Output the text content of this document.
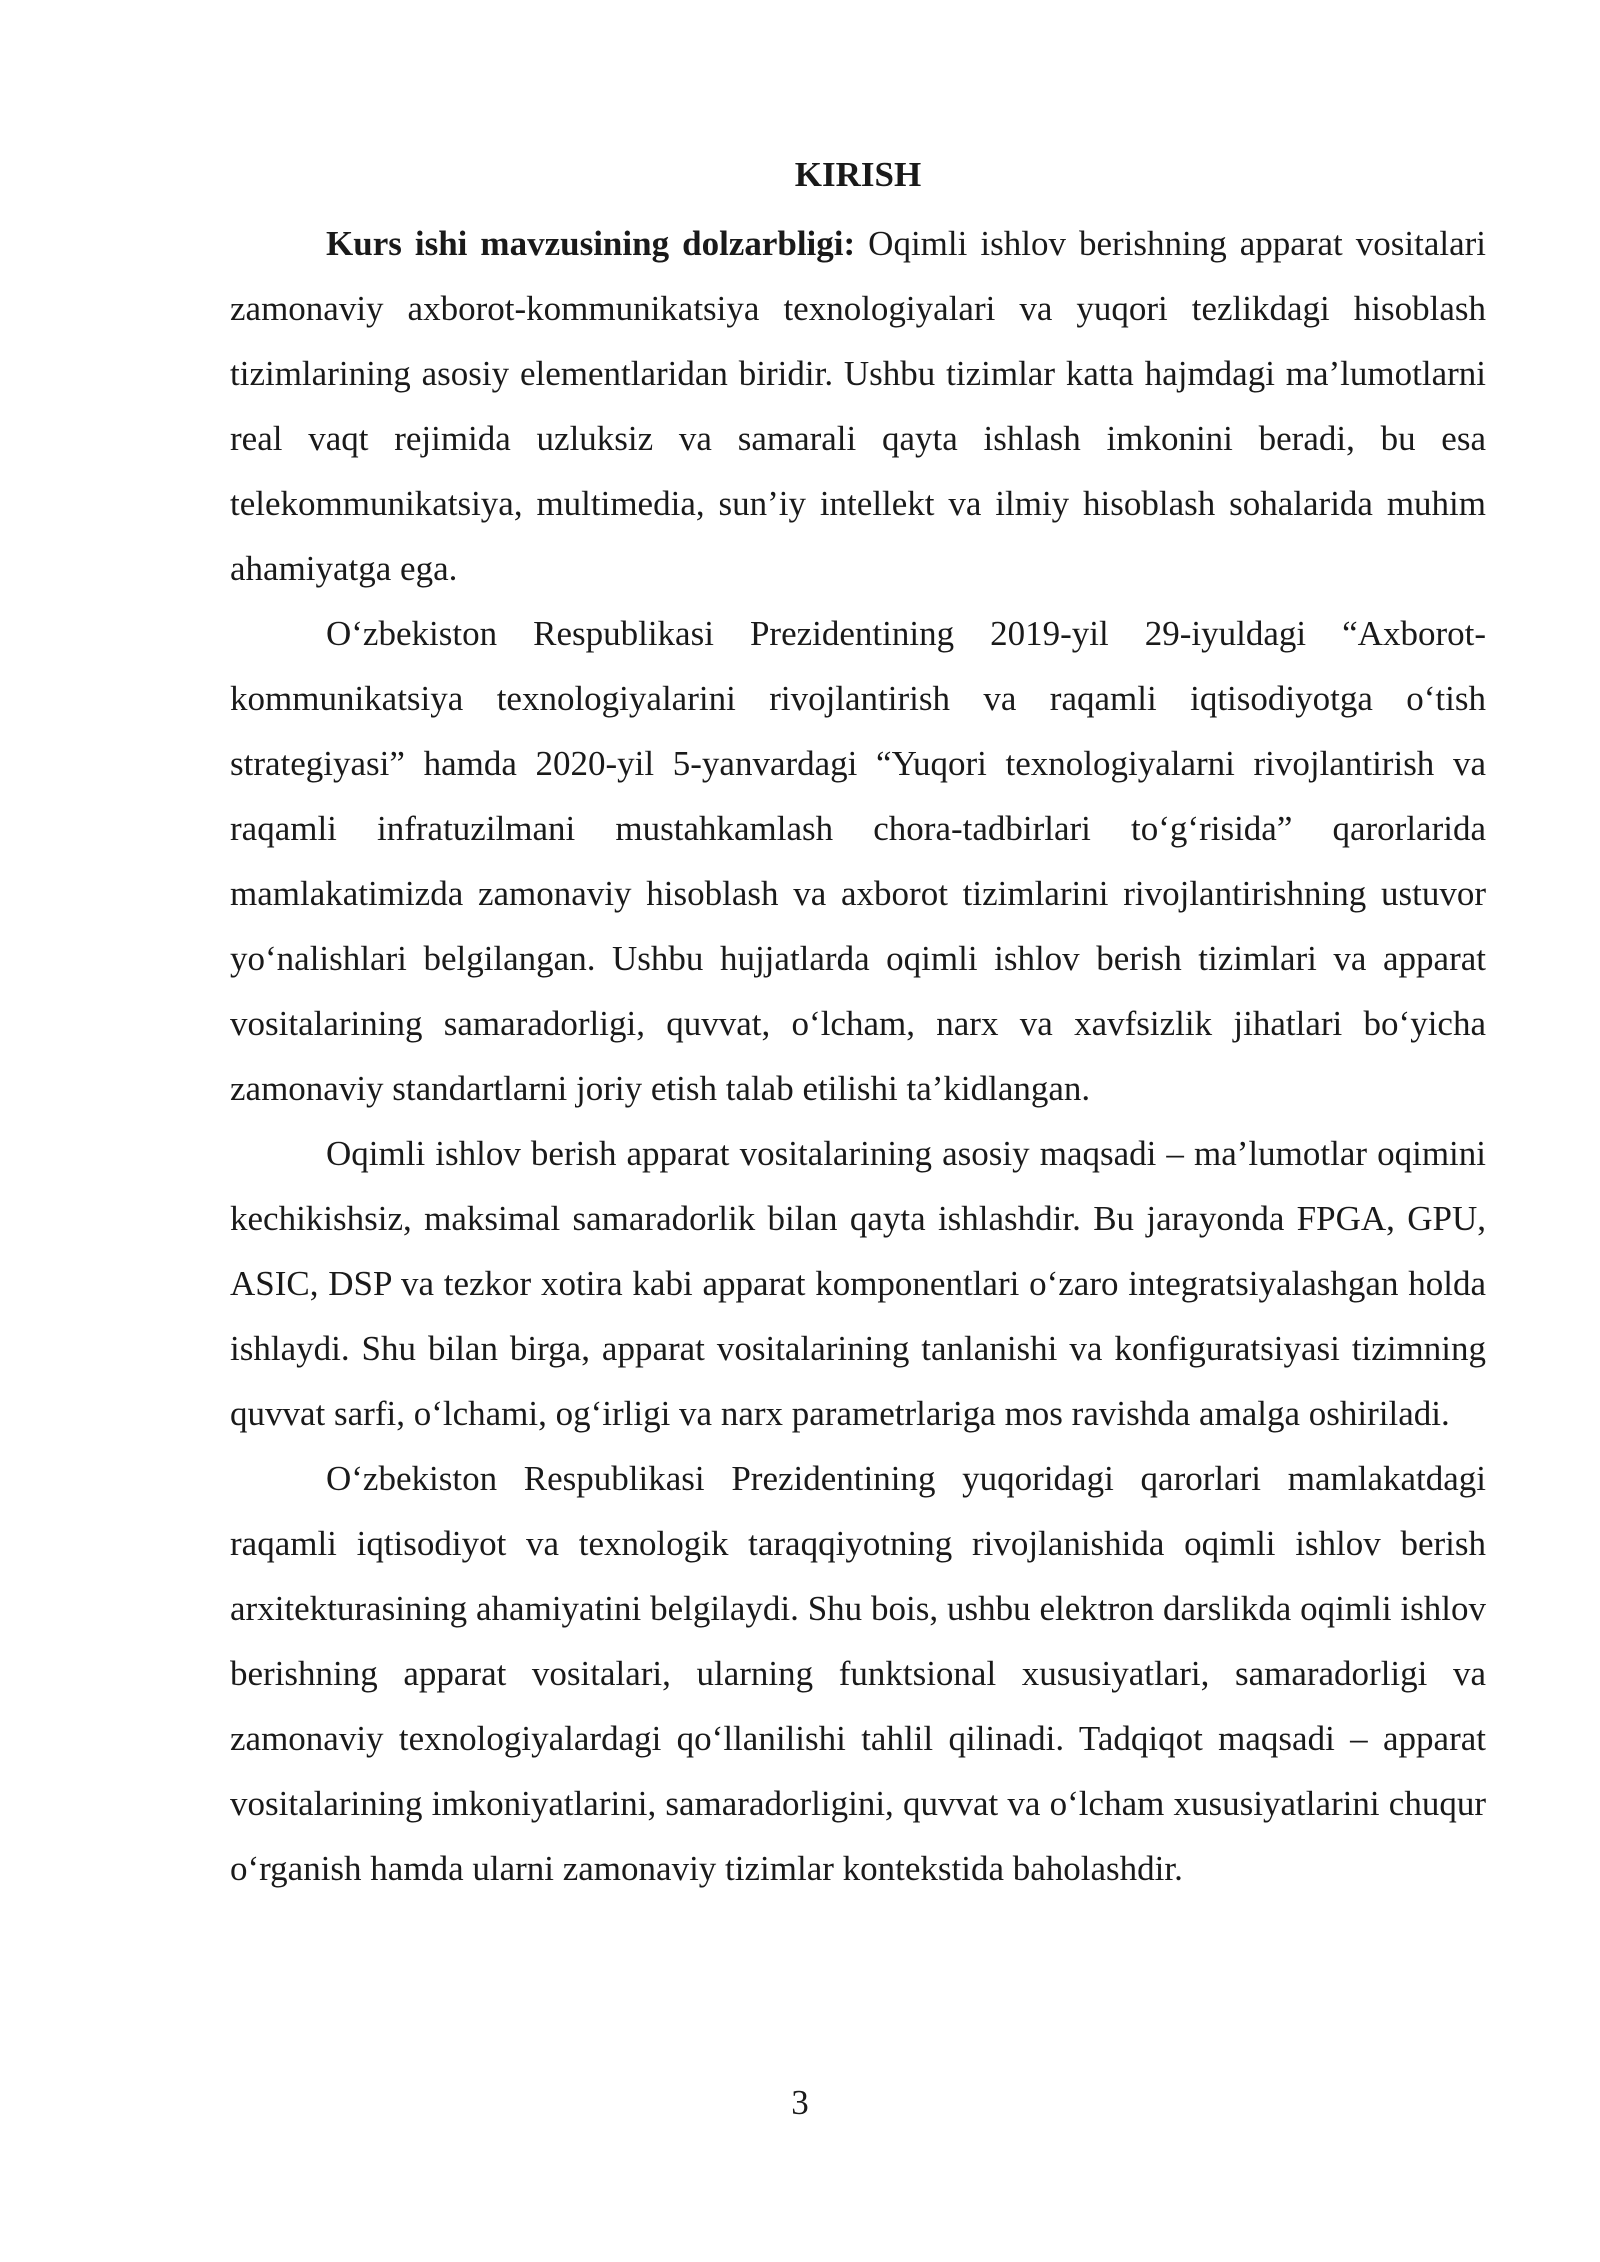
KIRISH

Kurs ishi mavzusining dolzarbligi: Oqimli ishlov berishning apparat vositalari zamonaviy axborot-kommunikatsiya texnologiyalari va yuqori tezlikdagi hisoblash tizimlarining asosiy elementlaridan biridir. Ushbu tizimlar katta hajmdagi ma’lumotlarni real vaqt rejimida uzluksiz va samarali qayta ishlash imkonini beradi, bu esa telekommunikatsiya, multimedia, sun’iy intellekt va ilmiy hisoblash sohalarida muhim ahamiyatga ega.

O‘zbekiston Respublikasi Prezidentining 2019-yil 29-iyuldagi “Axborot-kommunikatsiya texnologiyalarini rivojlantirish va raqamli iqtisodiyotga o‘tish strategiyasi” hamda 2020-yil 5-yanvardagi “Yuqori texnologiyalarni rivojlantirish va raqamli infratuzilmani mustahkamlash chora-tadbirlari to‘g‘risida” qarorlarida mamlakatimizda zamonaviy hisoblash va axborot tizimlarini rivojlantirishning ustuvor yo‘nalishlari belgilangan. Ushbu hujjatlarda oqimli ishlov berish tizimlari va apparat vositalarining samaradorligi, quvvat, o‘lcham, narx va xavfsizlik jihatlari bo‘yicha zamonaviy standartlarni joriy etish talab etilishi ta’kidlangan.

Oqimli ishlov berish apparat vositalarining asosiy maqsadi – ma’lumotlar oqimini kechikishsiz, maksimal samaradorlik bilan qayta ishlashdir. Bu jarayonda FPGA, GPU, ASIC, DSP va tezkor xotira kabi apparat komponentlari o‘zaro integratsiyalashgan holda ishlaydi. Shu bilan birga, apparat vositalarining tanlanishi va konfiguratsiyasi tizimning quvvat sarfi, o‘lchami, og‘irligi va narx parametrlariga mos ravishda amalga oshiriladi.

O‘zbekiston Respublikasi Prezidentining yuqoridagi qarorlari mamlakatdagi raqamli iqtisodiyot va texnologik taraqqiyotning rivojlanishida oqimli ishlov berish arxitekturasining ahamiyatini belgilaydi. Shu bois, ushbu elektron darslikda oqimli ishlov berishning apparat vositalari, ularning funktsional xususiyatlari, samaradorligi va zamonaviy texnologiyalardagi qo‘llanilishi tahlil qilinadi. Tadqiqot maqsadi – apparat vositalarining imkoniyatlarini, samaradorligini, quvvat va o‘lcham xususiyatlarini chuqur o‘rganish hamda ularni zamonaviy tizimlar kontekstida baholashdir.

3
